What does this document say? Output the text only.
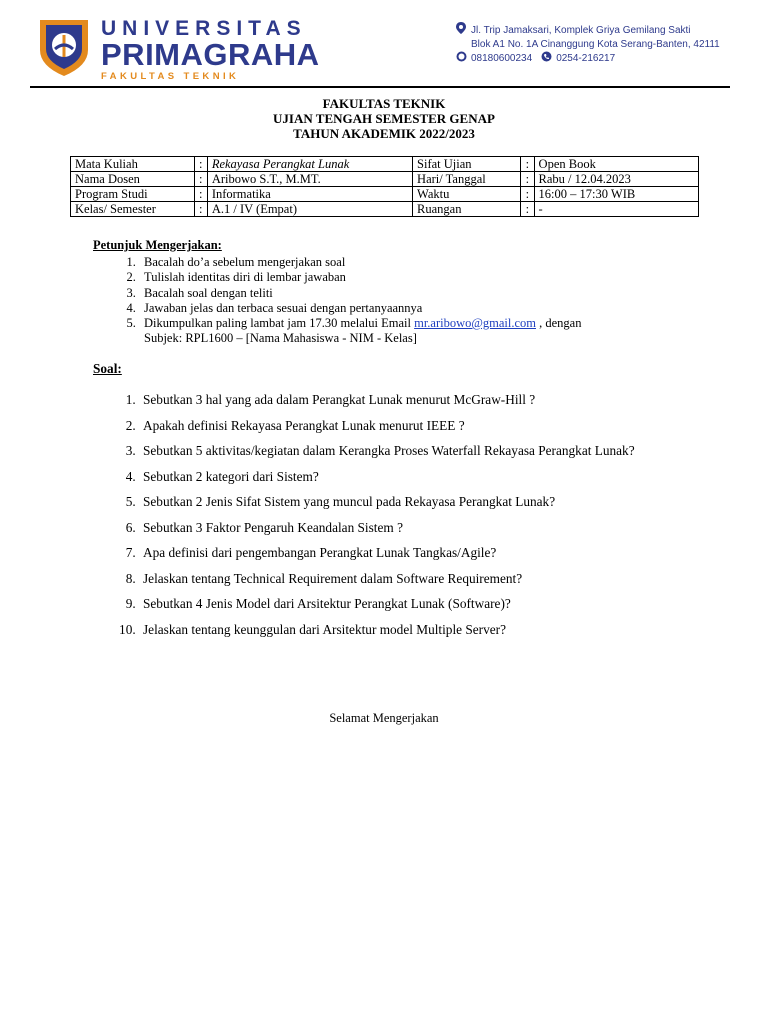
UNIVERSITAS
PRIMAGRAHA
FAKULTAS TEKNIK
Jl. Trip Jamaksari, Komplek Griya Gemilang Sakti
Blok A1 No. 1A Cinanggung Kota Serang-Banten, 42111
08180600234 0254-216217
FAKULTAS TEKNIK
UJIAN TENGAH SEMESTER GENAP
TAHUN AKADEMIK 2022/2023
Mata Kuliah	:	Rekayasa Perangkat Lunak	Sifat Ujian	:	Open Book
Nama Dosen	:	Aribowo S.T., M.MT.	Hari/ Tanggal	:	Rabu / 12.04.2023
Program Studi	:	Informatika	Waktu	:	16:00 – 17:30 WIB
Kelas/ Semester	:	A.1 / IV (Empat)	Ruangan	:	-
Petunjuk Mengerjakan:
1. Bacalah do’a sebelum mengerjakan soal
2. Tulislah identitas diri di lembar jawaban
3. Bacalah soal dengan teliti
4. Jawaban jelas dan terbaca sesuai dengan pertanyaannya
5. Dikumpulkan paling lambat jam 17.30 melalui Email mr.aribowo@gmail.com , dengan
Subjek: RPL1600 – [Nama Mahasiswa - NIM - Kelas]
Soal:
1. Sebutkan 3 hal yang ada dalam Perangkat Lunak menurut McGraw-Hill ?
2. Apakah definisi Rekayasa Perangkat Lunak menurut IEEE ?
3. Sebutkan 5 aktivitas/kegiatan dalam Kerangka Proses Waterfall Rekayasa Perangkat Lunak?
4. Sebutkan 2 kategori dari Sistem?
5. Sebutkan 2 Jenis Sifat Sistem yang muncul pada Rekayasa Perangkat Lunak?
6. Sebutkan 3 Faktor Pengaruh Keandalan Sistem ?
7. Apa definisi dari pengembangan Perangkat Lunak Tangkas/Agile?
8. Jelaskan tentang Technical Requirement dalam Software Requirement?
9. Sebutkan 4 Jenis Model dari Arsitektur Perangkat Lunak (Software)?
10. Jelaskan tentang keunggulan dari Arsitektur model Multiple Server?
Selamat Mengerjakan
